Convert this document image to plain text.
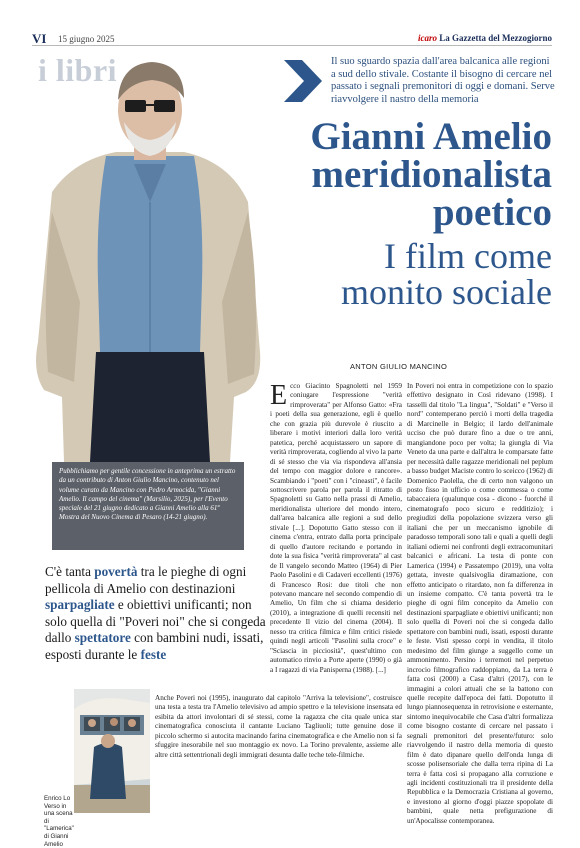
VI 15 giugno 2025	icaro La Gazzetta del Mezzogiorno
i libri

Pubblichiamo per gentile concessione in anteprima un estratto da un contributo di Anton Giulio Mancino, contenuto nel volume curato da Mancino con Pedro Armocida, "Gianni Amelio. Il campo del cinema" (Marsilio, 2025), per l'Evento speciale del 21 giugno dedicato a Gianni Amelio alla 61ª Mostra del Nuovo Cinema di Pesaro (14-21 giugno).

Il suo sguardo spazia dall'area balcanica alle regioni a sud dello stivale. Costante il bisogno di cercare nel passato i segnali premonitori di oggi e domani. Serve riavvolgere il nastro della memoria
Gianni Amelio
meridionalista
poetico
I film come
monito sociale
ANTON GIULIO MANCINO
E cco Giacinto Spagnoletti nel 1959 coniugare l'espressione "verità rimproverata" per Alfonso Gatto: «Fra i poeti della sua generazione, egli è quello che con grazia più durevole è riuscito a liberare i motivi interiori dalla loro verità patetica, perché acquistassero un sapore di verità rimproverata, cogliendo al vivo la parte di sé stesso che via via rispondeva all'ansia del tempo con maggior dolore e rancore». Scambiando i "poeti" con i "cineasti", è facile sottoscrivere parola per parola il ritratto di Spagnoletti su Gatto nella prassi di Amelio, meridionalista ulteriore del mondo intero, dall'area balcanica alle regioni a sud dello stivale [...]. Dopotutto Gatto stesso con il cinema c'entra, entrato dalla porta principale di quello d'autore recitando e portando in dote la sua fisica "verità rimproverata" al cast de Il vangelo secondo Matteo (1964) di Pier Paolo Pasolini e di Cadaveri eccellenti (1976) di Francesco Rosi: due titoli che non potevano mancare nel secondo compendio di Amelio, Un film che si chiama desiderio (2010), a integrazione di quelli recensiti nel precedente Il vizio del cinema (2004). Il nesso tra critica filmica e film critici risiede quindi negli articoli "Pasolini sulla croce" e "Sciascia in picciosità", quest'ultimo con automatico rinvio a Porte aperte (1990) o già a I ragazzi di via Panisperna (1988). [...]

Anche Poveri noi (1995), inaugurato dal capitolo "Arriva la televisione", costruisce una testa a testa tra l'Amelio televisivo ad ampio spettro e la televisione insensata ed esibita da attori involontari di sé stessi, come la ragazza che cita quale unica star cinematografica conosciuta il cantante Luciano Tagliuoli; tutte genuine dose il piccolo schermo si autocita macinando farina cinematografica e che Amelio non si fa sfuggire inesorabile nel suo montaggio ex novo. La Torino prevalente, assieme alle altre città settentrionali degli immigrati desunta dalle teche tele-filmiche.

In Poveri noi entra in competizione con lo spazio effettivo designato in Così ridevano (1998). I tasselli dal titolo "La lingua", "Soldati" e "Verso il nord" contemperano perciò i morti della tragedia di Marcinelle in Belgio; il lardo dell'animale ucciso che può durare fino a due o tre anni, mangiandone poco per volta; la giungla di Via Veneto da una parte e dall'altra le comparsate fatte per necessità dalle ragazze meridionali nel peplum a basso budget Maciste contro lo sceicco (1962) di Domenico Paolella, che di certo non valgono un posto fisso in ufficio o come commessa o come tabaccaiera (qualunque cosa - dicono - fuorché il cinematografo poco sicuro e redditizio); i pregiudizi della popolazione svizzera verso gli italiani che per un meccanismo ignobile di paradosso temporali sono tali e quali a quelli degli italiani odierni nei confronti degli extracomunitari balcanici e africani. La testa di ponte con Lamerica (1994) e Passatempo (2019), una volta gettata, investe qualsivoglia diramazione, con effetto anticipato o ritardato, non fa differenza in un insieme compatto. C'è tanta povertà tra le pieghe di ogni film concepito da Amelio con destinazioni sparpagliate e obiettivi unificanti; non solo quella di Poveri noi che si congeda dallo spettatore con bambini nudi, issati, esposti durante le feste. Visti spesso corpi in vendita, il titolo medesimo del film giunge a suggello come un ammonimento. Persino i terremoti nel perpetuo incrocio filmografico raddoppiano, da La terra è fatta così (2000) a Casa d'altri (2017), con le immagini a colori attuali che se la battono con quelle recepite dall'epoca dei fatti. Dopotutto il lungo piannosequenza in retrovisione e esternante, sintomo inequivocabile che Casa d'altri formalizza come bisogno costante di cercare nel passato i segnali premonitori del presente/futuro: solo riavvolgendo il nastro della memoria di questo film è dato dipanare quello dell'onda lunga di scosse polisensoriale che dalla terra ripina di La terra è fatta così si propagano alla corruzione e agli incidenti costituzionali tra il presidente della Repubblica e la Democrazia Cristiana al governo, e investono al giorno d'oggi piazze spopolate di bambini, quale netta prefigurazione di un'Apocalisse contemporanea.

C'è tanta povertà tra le pieghe di ogni pellicola di Amelio con destinazioni sparpagliate e obiettivi unificanti; non solo quella di "Poveri noi" che si congeda dallo spettatore con bambini nudi, issati, esposti durante le feste
Enrico Lo Verso in una scena di "Lamerica" di Gianni Amelio
